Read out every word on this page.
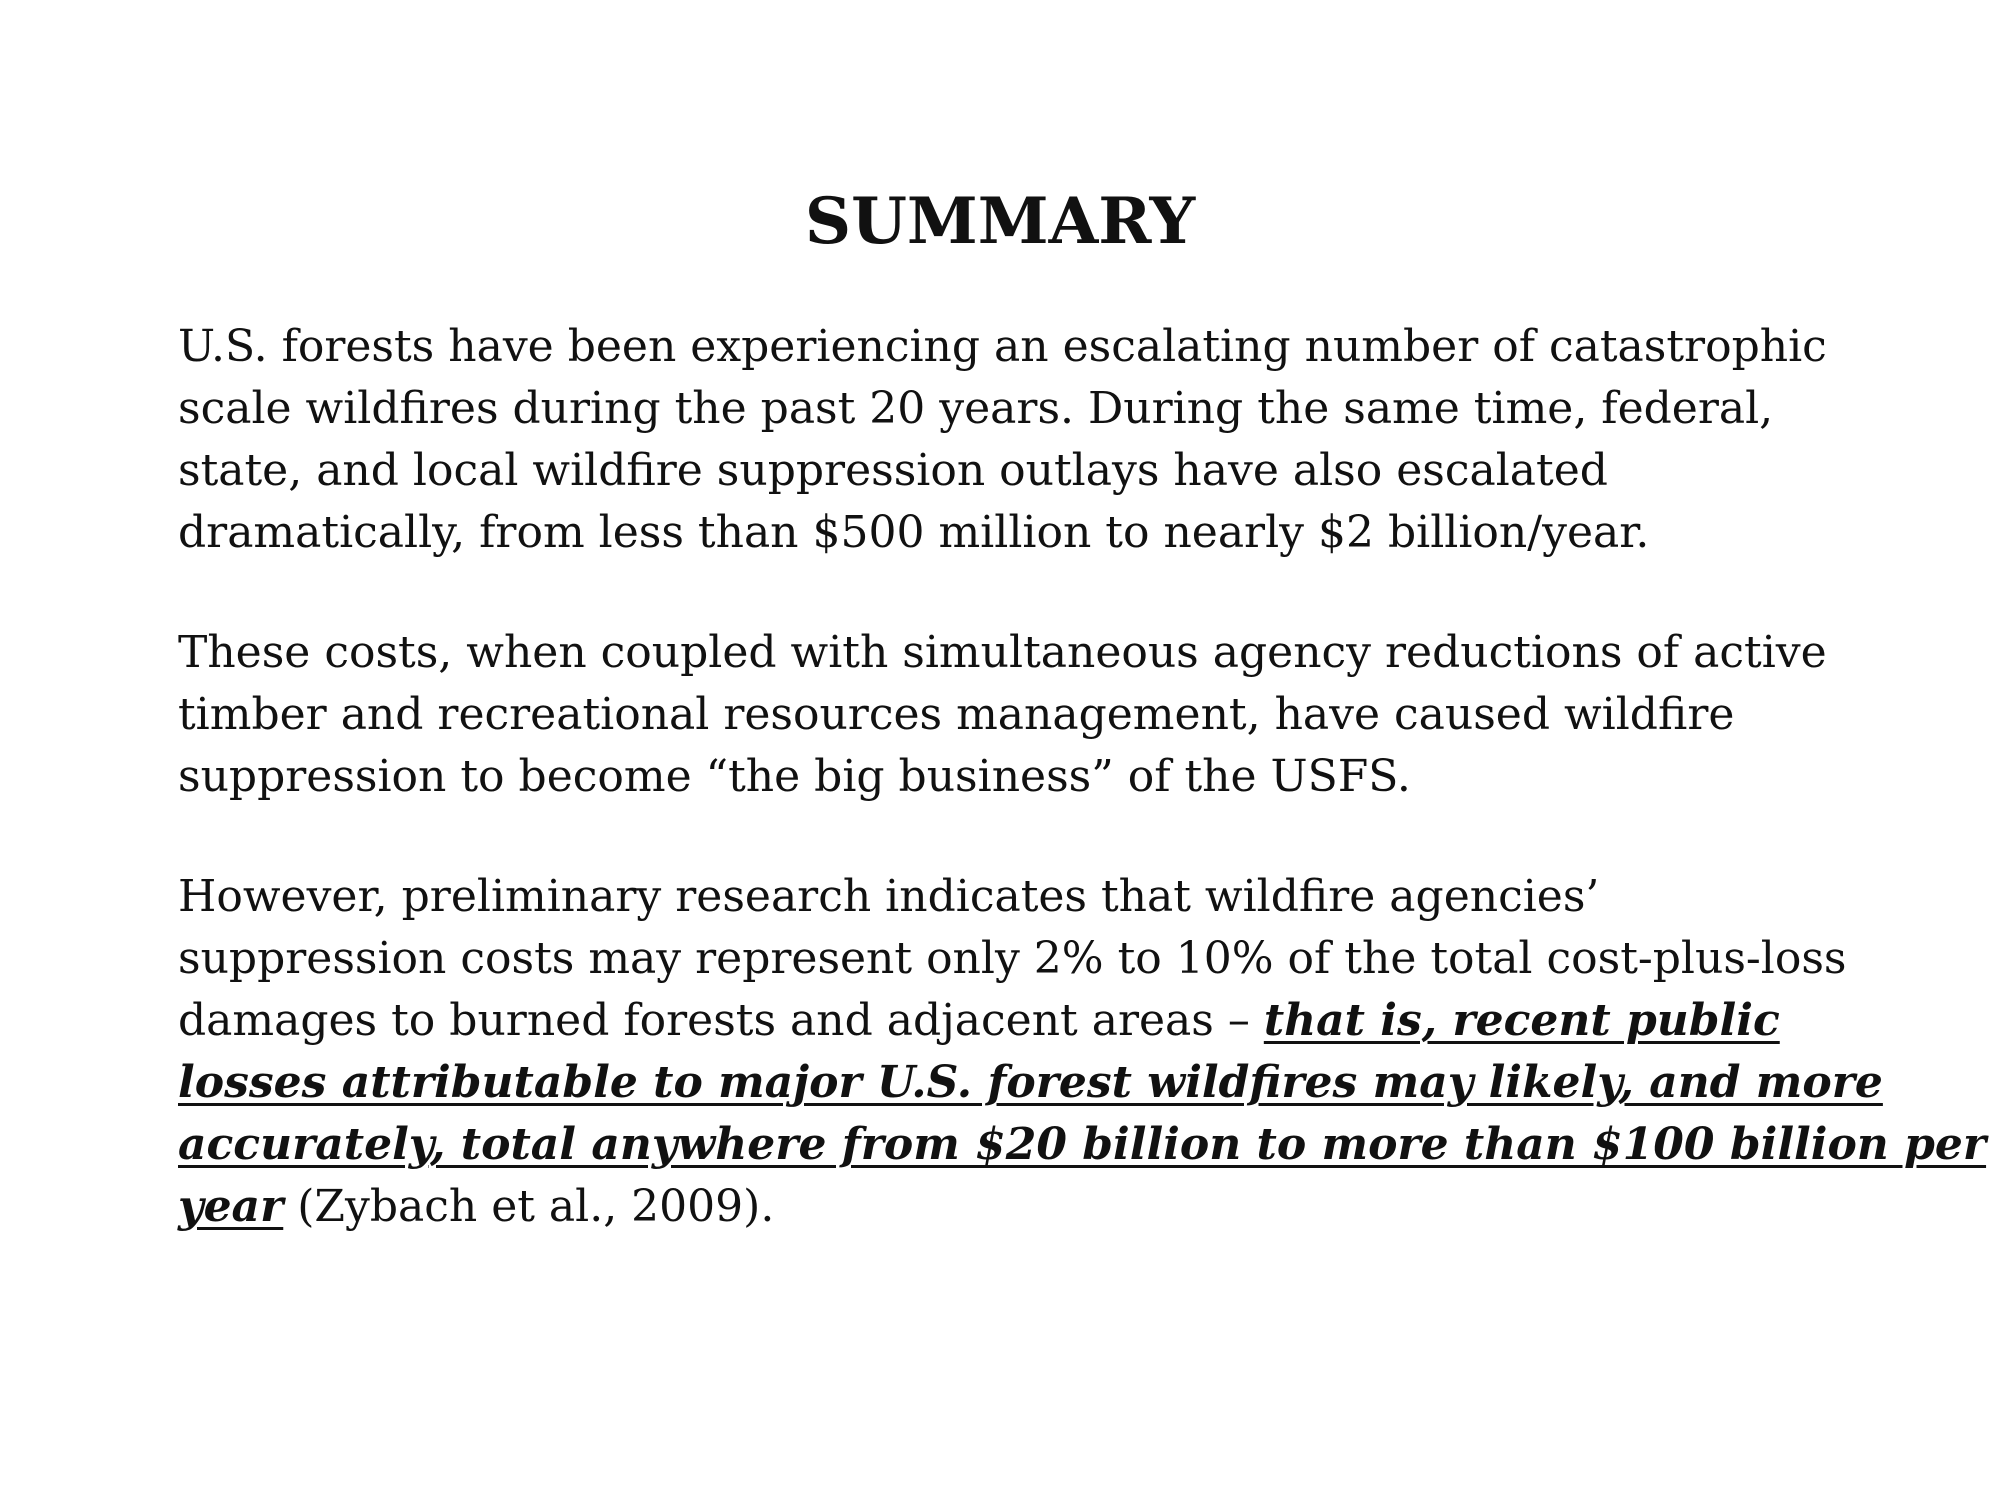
SUMMARY

U.S. forests have been experiencing an escalating number of catastrophic
scale wildfires during the past 20 years. During the same time, federal,
state, and local wildfire suppression outlays have also escalated
dramatically, from less than $500 million to nearly $2 billion/year.

These costs, when coupled with simultaneous agency reductions of active
timber and recreational resources management, have caused wildfire
suppression to become “the big business” of the USFS.

However, preliminary research indicates that wildfire agencies’
suppression costs may represent only 2% to 10% of the total cost-plus-loss
damages to burned forests and adjacent areas – that is, recent public
losses attributable to major U.S. forest wildfires may likely, and more
accurately, total anywhere from $20 billion to more than $100 billion per
year (Zybach et al., 2009).
